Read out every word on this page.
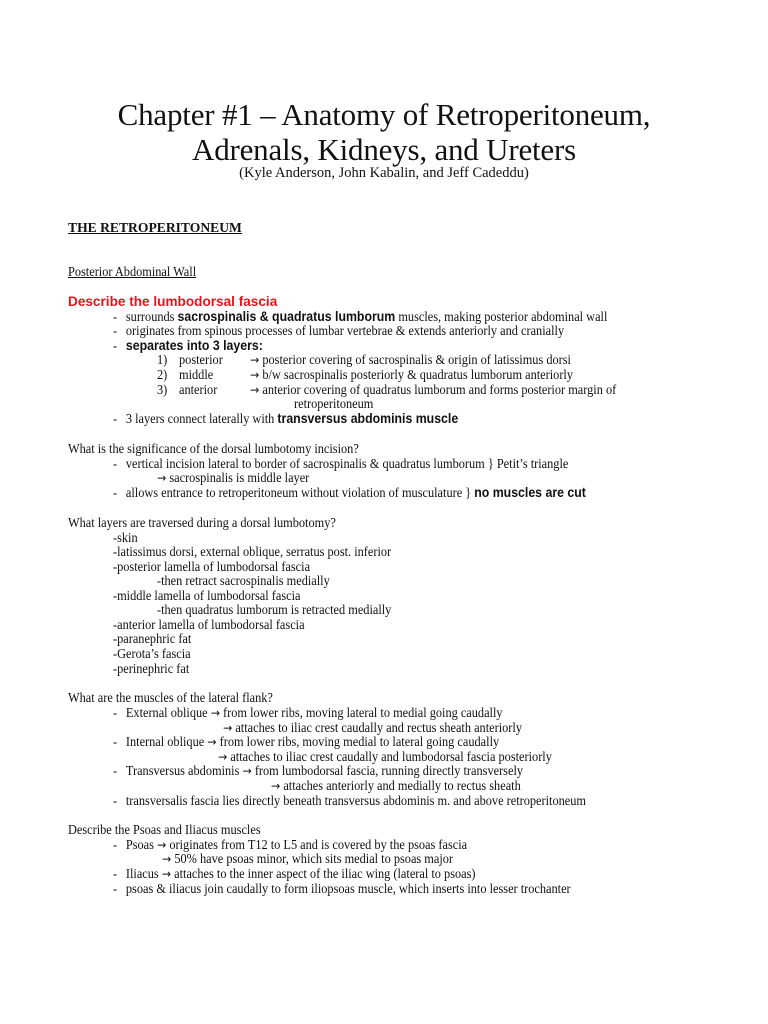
Chapter #1 – Anatomy of Retroperitoneum,
Adrenals, Kidneys, and Ureters
(Kyle Anderson, John Kabalin, and Jeff Cadeddu)
THE RETROPERITONEUM
Posterior Abdominal Wall
Describe the lumbodorsal fascia
- surrounds sacrospinalis & quadratus lumborum muscles, making posterior abdominal wall
- originates from spinous processes of lumbar vertebrae & extends anteriorly and cranially
- separates into 3 layers:
1) posterior → posterior covering of sacrospinalis & origin of latissimus dorsi
2) middle	→ b/w sacrospinalis posteriorly & quadratus lumborum anteriorly
3) anterior	→ anterior covering of quadratus lumborum and forms posterior margin of
retroperitoneum
- 3 layers connect laterally with transversus abdominis muscle
What is the significance of the dorsal lumbotomy incision?
- vertical incision lateral to border of sacrospinalis & quadratus lumborum } Petit’s triangle
→ sacrospinalis is middle layer
- allows entrance to retroperitoneum without violation of musculature } no muscles are cut
What layers are traversed during a dorsal lumbotomy?
-skin
-latissimus dorsi, external oblique, serratus post. inferior
-posterior lamella of lumbodorsal fascia
-then retract sacrospinalis medially
-middle lamella of lumbodorsal fascia
-then quadratus lumborum is retracted medially
-anterior lamella of lumbodorsal fascia
-paranephric fat
-Gerota’s fascia
-perinephric fat
What are the muscles of the lateral flank?
- External oblique → from lower ribs, moving lateral to medial going caudally
→ attaches to iliac crest caudally and rectus sheath anteriorly
- Internal oblique → from lower ribs, moving medial to lateral going caudally
→ attaches to iliac crest caudally and lumbodorsal fascia posteriorly
- Transversus abdominis → from lumbodorsal fascia, running directly transversely
→ attaches anteriorly and medially to rectus sheath
- transversalis fascia lies directly beneath transversus abdominis m. and above retroperitoneum
Describe the Psoas and Iliacus muscles
- Psoas → originates from T12 to L5 and is covered by the psoas fascia
→ 50% have psoas minor, which sits medial to psoas major
- Iliacus → attaches to the inner aspect of the iliac wing (lateral to psoas)
- psoas & iliacus join caudally to form iliopsoas muscle, which inserts into lesser trochanter
